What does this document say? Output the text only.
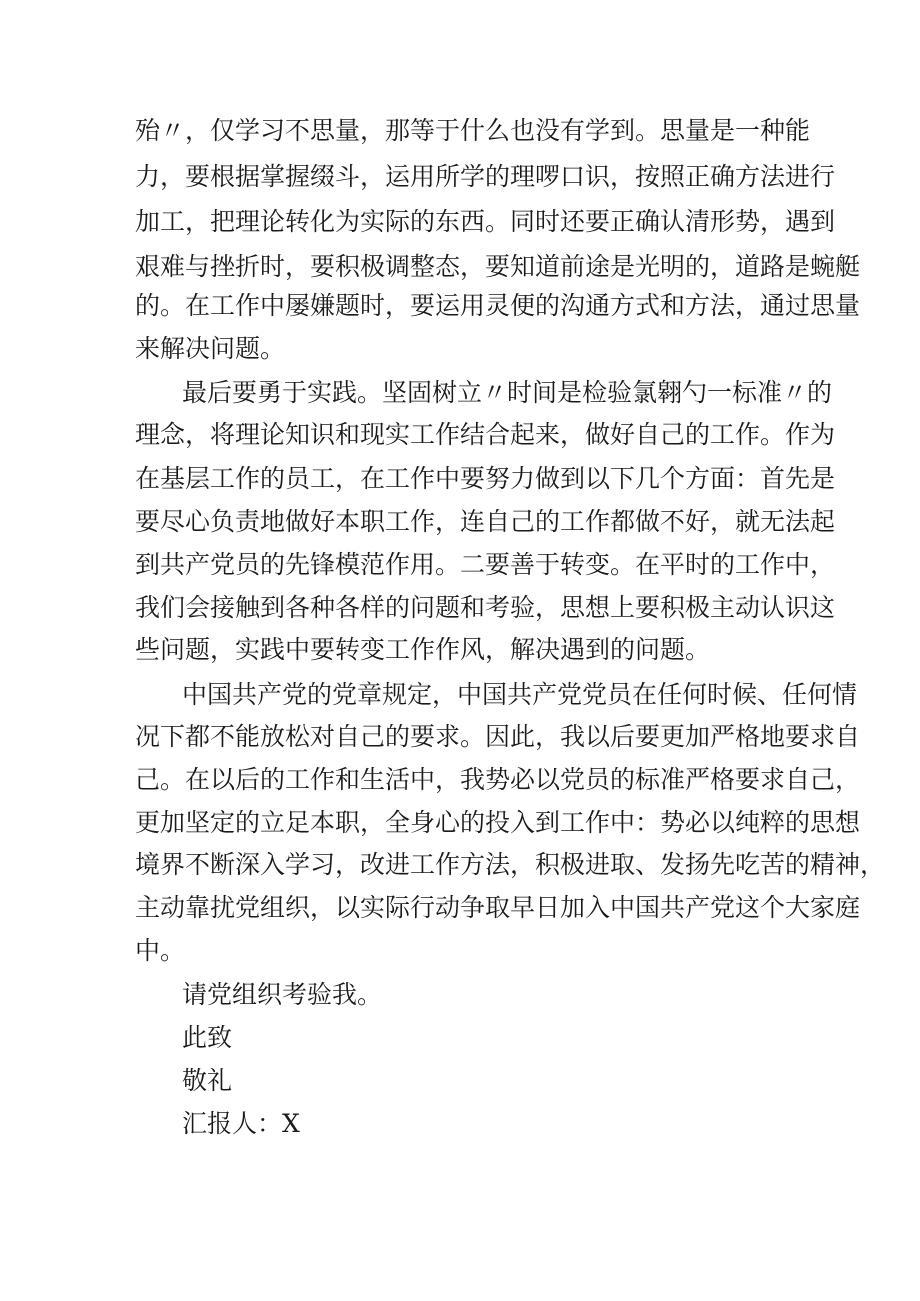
殆〃，仅学习不思量，那等于什么也没有学到。思量是一种能
力，要根据掌握缀斗，运用所学的理啰口识，按照正确方法进行
加工，把理论转化为实际的东西。同时还要正确认清形势，遇到
艰难与挫折时，要积极调整态，要知道前途是光明的，道路是蜿艇
的。在工作中屡嫌题时，要运用灵便的沟通方式和方法，通过思量
来解决问题。
最后要勇于实践。坚固树立〃时间是检验氯翱勺一标准〃的
理念，将理论知识和现实工作结合起来，做好自己的工作。作为
在基层工作的员工，在工作中要努力做到以下几个方面：首先是
要尽心负责地做好本职工作，连自己的工作都做不好，就无法起
到共产党员的先锋模范作用。二要善于转变。在平时的工作中，
我们会接触到各种各样的问题和考验，思想上要积极主动认识这
些问题，实践中要转变工作作风，解决遇到的问题。
中国共产党的党章规定，中国共产党党员在任何时候、任何情
况下都不能放松对自己的要求。因此，我以后要更加严格地要求自
己。在以后的工作和生活中，我势必以党员的标准严格要求自己，
更加坚定的立足本职，全身心的投入到工作中：势必以纯粹的思想
境界不断深入学习，改进工作方法，积极进取、发扬先吃苦的精神，
主动靠扰党组织，以实际行动争取早日加入中国共产党这个大家庭
中。
请党组织考验我。
此致
敬礼
汇报人：X
